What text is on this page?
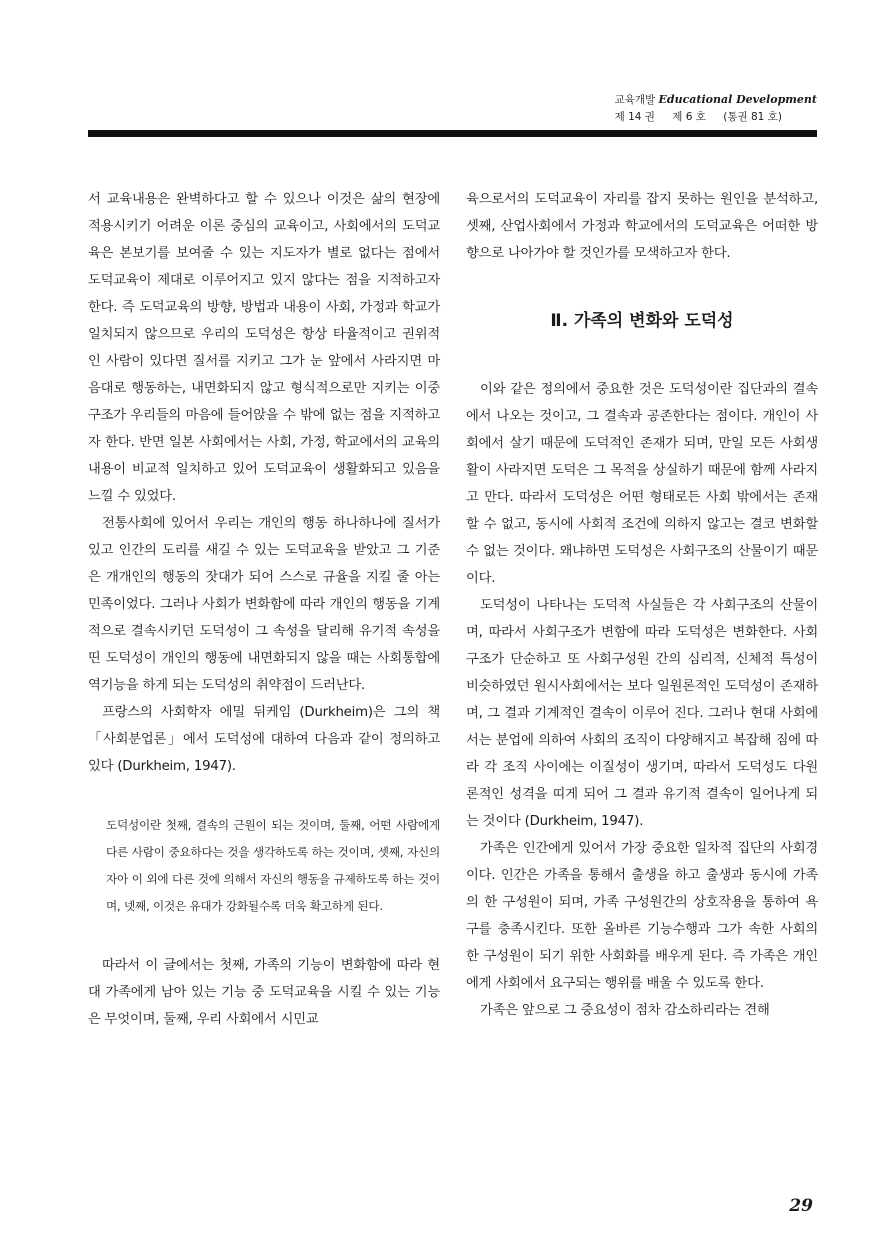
교육개발 Educational Development
제 14 권 제 6 호 (통권 81 호)

서 교육내용은 완벽하다고 할 수 있으나 이것은 삶의 현장에 적용시키기 어려운 이론 중심의 교육이고, 사회에서의 도덕교육은 본보기를 보여줄 수 있는 지도자가 별로 없다는 점에서 도덕교육이 제대로 이루어지고 있지 않다는 점을 지적하고자 한다. 즉 도덕교육의 방향, 방법과 내용이 사회, 가정과 학교가 일치되지 않으므로 우리의 도덕성은 항상 타율적이고 권위적인 사람이 있다면 질서를 지키고 그가 눈 앞에서 사라지면 마음대로 행동하는, 내면화되지 않고 형식적으로만 지키는 이중구조가 우리들의 마음에 들어앉을 수 밖에 없는 점을 지적하고자 한다. 반면 일본 사회에서는 사회, 가정, 학교에서의 교육의 내용이 비교적 일치하고 있어 도덕교육이 생활화되고 있음을 느낄 수 있었다.

전통사회에 있어서 우리는 개인의 행동 하나하나에 질서가 있고 인간의 도리를 새길 수 있는 도덕교육을 받았고 그 기준은 개개인의 행동의 잣대가 되어 스스로 규율을 지킬 줄 아는 민족이었다. 그러나 사회가 변화함에 따라 개인의 행동을 기계적으로 결속시키던 도덕성이 그 속성을 달리해 유기적 속성을 띤 도덕성이 개인의 행동에 내면화되지 않을 때는 사회통합에 역기능을 하게 되는 도덕성의 취약점이 드러난다.

프랑스의 사회학자 에밀 뒤케임 (Durkheim)은 그의 책 「사회분업론」에서 도덕성에 대하여 다음과 같이 정의하고 있다 (Durkheim, 1947).

도덕성이란 첫째, 결속의 근원이 되는 것이며, 둘째, 어떤 사람에게 다른 사람이 중요하다는 것을 생각하도록 하는 것이며, 셋째, 자신의 자아 이 외에 다른 것에 의해서 자신의 행동을 규제하도록 하는 것이며, 넷째, 이것은 유대가 강화될수록 더욱 확고하게 된다.

따라서 이 글에서는 첫째, 가족의 기능이 변화함에 따라 현대 가족에게 남아 있는 기능 중 도덕교육을 시킬 수 있는 기능은 무엇이며, 둘째, 우리 사회에서 시민교

육으로서의 도덕교육이 자리를 잡지 못하는 원인을 분석하고, 셋째, 산업사회에서 가정과 학교에서의 도덕교육은 어떠한 방향으로 나아가야 할 것인가를 모색하고자 한다.

Ⅱ. 가족의 변화와 도덕성

이와 같은 정의에서 중요한 것은 도덕성이란 집단과의 결속에서 나오는 것이고, 그 결속과 공존한다는 점이다. 개인이 사회에서 살기 때문에 도덕적인 존재가 되며, 만일 모든 사회생활이 사라지면 도덕은 그 목적을 상실하기 때문에 함께 사라지고 만다. 따라서 도덕성은 어떤 형태로든 사회 밖에서는 존재할 수 없고, 동시에 사회적 조건에 의하지 않고는 결코 변화할 수 없는 것이다. 왜냐하면 도덕성은 사회구조의 산물이기 때문이다.

도덕성이 나타나는 도덕적 사실들은 각 사회구조의 산물이며, 따라서 사회구조가 변함에 따라 도덕성은 변화한다. 사회구조가 단순하고 또 사회구성원 간의 심리적, 신체적 특성이 비슷하였던 원시사회에서는 보다 일원론적인 도덕성이 존재하며, 그 결과 기계적인 결속이 이루어 진다. 그러나 현대 사회에서는 분업에 의하여 사회의 조직이 다양해지고 복잡해 짐에 따라 각 조직 사이에는 이질성이 생기며, 따라서 도덕성도 다원론적인 성격을 띠게 되어 그 결과 유기적 결속이 일어나게 되는 것이다 (Durkheim, 1947).

가족은 인간에게 있어서 가장 중요한 일차적 집단의 사회경이다. 인간은 가족을 통해서 출생을 하고 출생과 동시에 가족의 한 구성원이 되며, 가족 구성원간의 상호작용을 통하여 욕구를 충족시킨다. 또한 올바른 기능수행과 그가 속한 사회의 한 구성원이 되기 위한 사회화를 배우게 된다. 즉 가족은 개인에게 사회에서 요구되는 행위를 배울 수 있도록 한다.

가족은 앞으로 그 중요성이 점차 감소하리라는 견해

29
